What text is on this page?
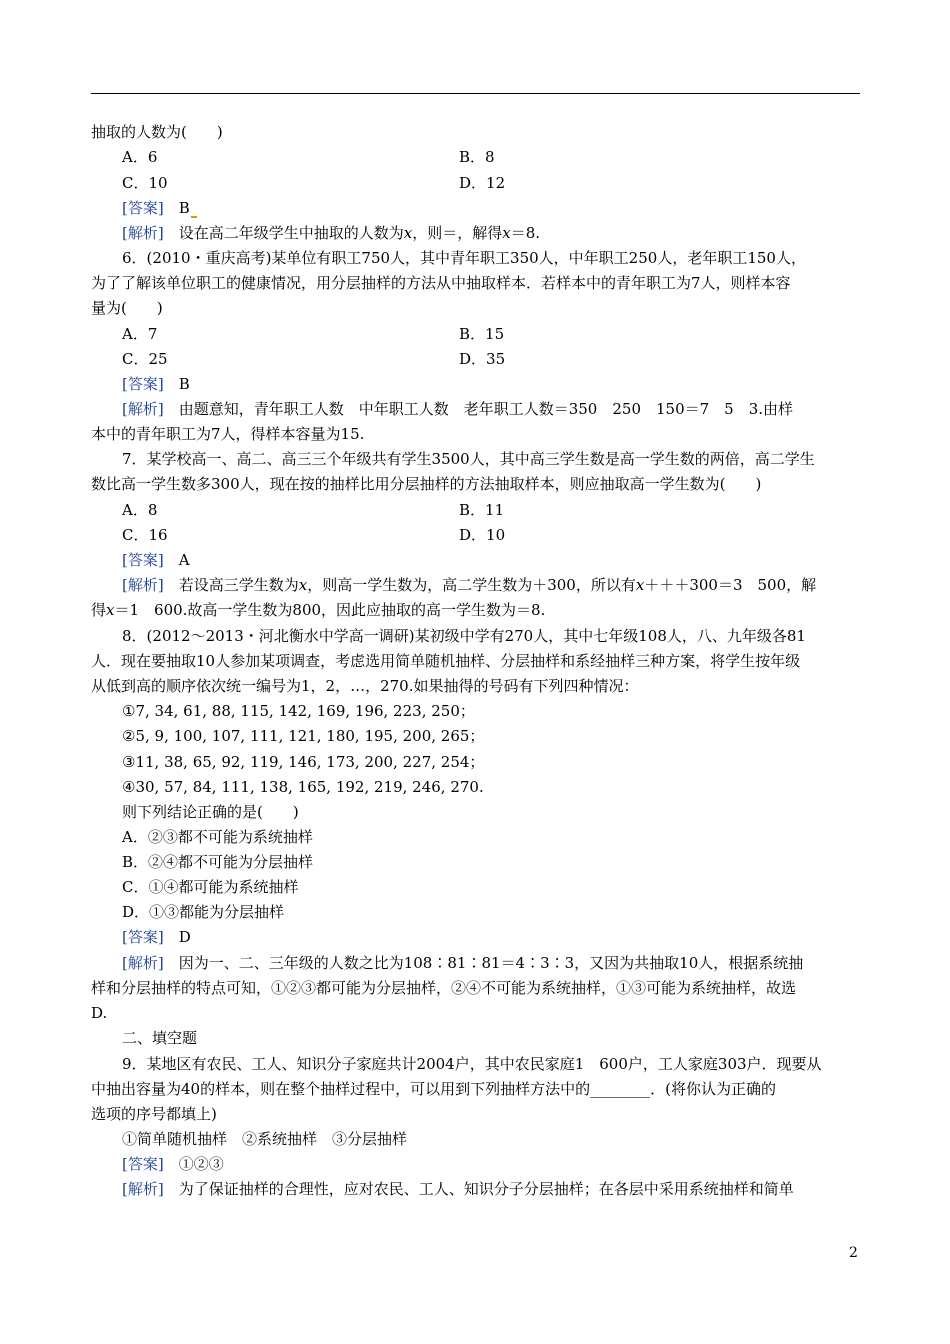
抽取的人数为(　　)
A．6	B．8
C．10	D．12
[答案]　 B
[解析]　设在高二年级学生中抽取的人数为x，则＝，解得x＝8.
6．(2010・重庆高考)某单位有职工750人，其中青年职工350人，中年职工250人，老年职工150人，
为了了解该单位职工的健康情况，用分层抽样的方法从中抽取样本．若样本中的青年职工为7人，则样本容
量为(　　)
A．7	B．15
C．25	D．35
[答案]　 B
[解析]　由题意知，青年职工人数　中年职工人数　老年职工人数＝350　250　150＝7　5　3.由样
本中的青年职工为7人，得样本容量为15.
7．某学校高一、高二、高三三个年级共有学生3500人，其中高三学生数是高一学生数的两倍，高二学生
数比高一学生数多300人，现在按的抽样比用分层抽样的方法抽取样本，则应抽取高一学生数为(　　)
A．8	B．11
C．16	D．10
[答案]　 A
[解析]　若设高三学生数为x，则高一学生数为，高二学生数为＋300，所以有x＋＋＋300＝3　500，解
得x＝1　600.故高一学生数为800，因此应抽取的高一学生数为＝8.
8．(2012～2013・河北衡水中学高一调研)某初级中学有270人，其中七年级108人，八、九年级各81
人．现在要抽取10人参加某项调查，考虑选用简单随机抽样、分层抽样和系经抽样三种方案，将学生按年级
从低到高的顺序依次统一编号为1，2，…，270.如果抽得的号码有下列四种情况：
①7, 34, 61, 88, 115, 142, 169, 196, 223, 250；
②5, 9, 100, 107, 111, 121, 180, 195, 200, 265；
③11, 38, 65, 92, 119, 146, 173, 200, 227, 254；
④30, 57, 84, 111, 138, 165, 192, 219, 246, 270.
则下列结论正确的是(　　)
A．②③都不可能为系统抽样
B．②④都不可能为分层抽样
C．①④都可能为系统抽样
D．①③都能为分层抽样
[答案]　 D
[解析]　因为一、二、三年级的人数之比为108∶81∶81＝4∶3∶3，又因为共抽取10人，根据系统抽
样和分层抽样的特点可知，①②③都可能为分层抽样，②④不可能为系统抽样，①③可能为系统抽样，故选
D.
二、填空题
9．某地区有农民、工人、知识分子家庭共计2004户，其中农民家庭1　600户，工人家庭303户．现要从
中抽出容量为40的样本，则在整个抽样过程中，可以用到下列抽样方法中的________．(将你认为正确的
选项的序号都填上)
①简单随机抽样　②系统抽样　③分层抽样
[答案]　 ①②③
[解析]　为了保证抽样的合理性，应对农民、工人、知识分子分层抽样；在各层中采用系统抽样和简单
2
